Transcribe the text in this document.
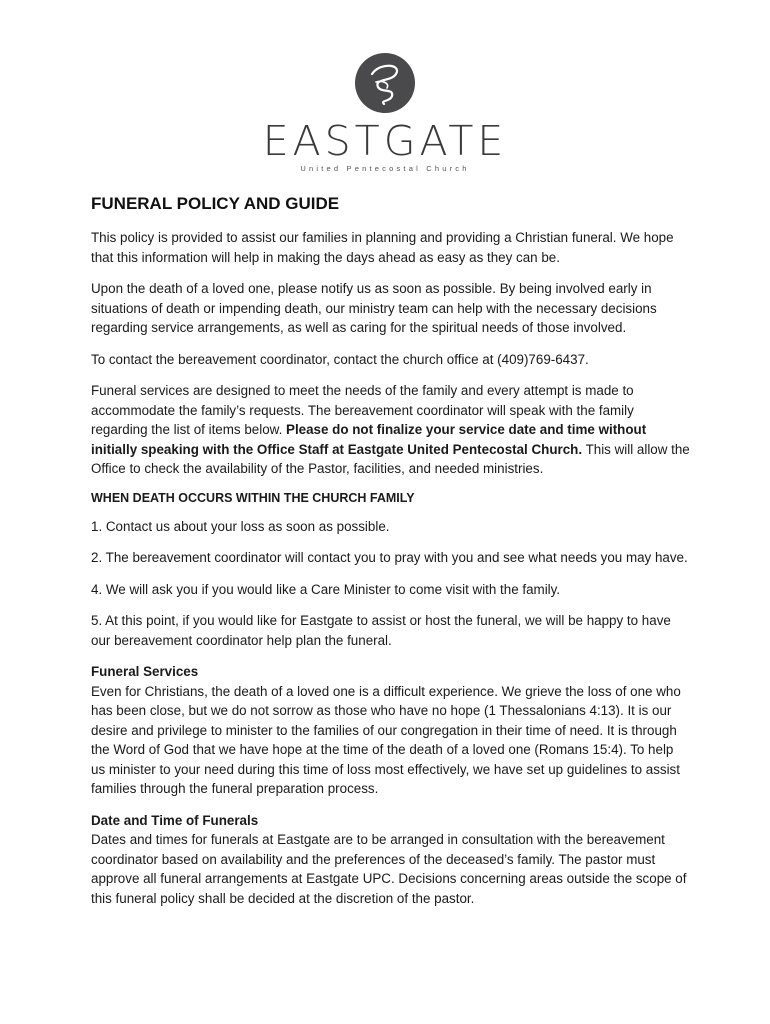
EASTGATE
United Pentecostal Church
FUNERAL POLICY AND GUIDE

This policy is provided to assist our families in planning and providing a Christian funeral. We hope that this information will help in making the days ahead as easy as they can be.

Upon the death of a loved one, please notify us as soon as possible. By being involved early in situations of death or impending death, our ministry team can help with the necessary decisions regarding service arrangements, as well as caring for the spiritual needs of those involved.

To contact the bereavement coordinator, contact the church office at (409)769-6437.

Funeral services are designed to meet the needs of the family and every attempt is made to accommodate the family’s requests. The bereavement coordinator will speak with the family regarding the list of items below. Please do not finalize your service date and time without initially speaking with the Office Staff at Eastgate United Pentecostal Church. This will allow the Office to check the availability of the Pastor, facilities, and needed ministries.

WHEN DEATH OCCURS WITHIN THE CHURCH FAMILY

1. Contact us about your loss as soon as possible.

2. The bereavement coordinator will contact you to pray with you and see what needs you may have.

4. We will ask you if you would like a Care Minister to come visit with the family.

5. At this point, if you would like for Eastgate to assist or host the funeral, we will be happy to have our bereavement coordinator help plan the funeral.

Funeral Services
Even for Christians, the death of a loved one is a difficult experience. We grieve the loss of one who has been close, but we do not sorrow as those who have no hope (1 Thessalonians 4:13). It is our desire and privilege to minister to the families of our congregation in their time of need. It is through the Word of God that we have hope at the time of the death of a loved one (Romans 15:4). To help us minister to your need during this time of loss most effectively, we have set up guidelines to assist families through the funeral preparation process.

Date and Time of Funerals
Dates and times for funerals at Eastgate are to be arranged in consultation with the bereavement coordinator based on availability and the preferences of the deceased’s family. The pastor must approve all funeral arrangements at Eastgate UPC. Decisions concerning areas outside the scope of this funeral policy shall be decided at the discretion of the pastor.
